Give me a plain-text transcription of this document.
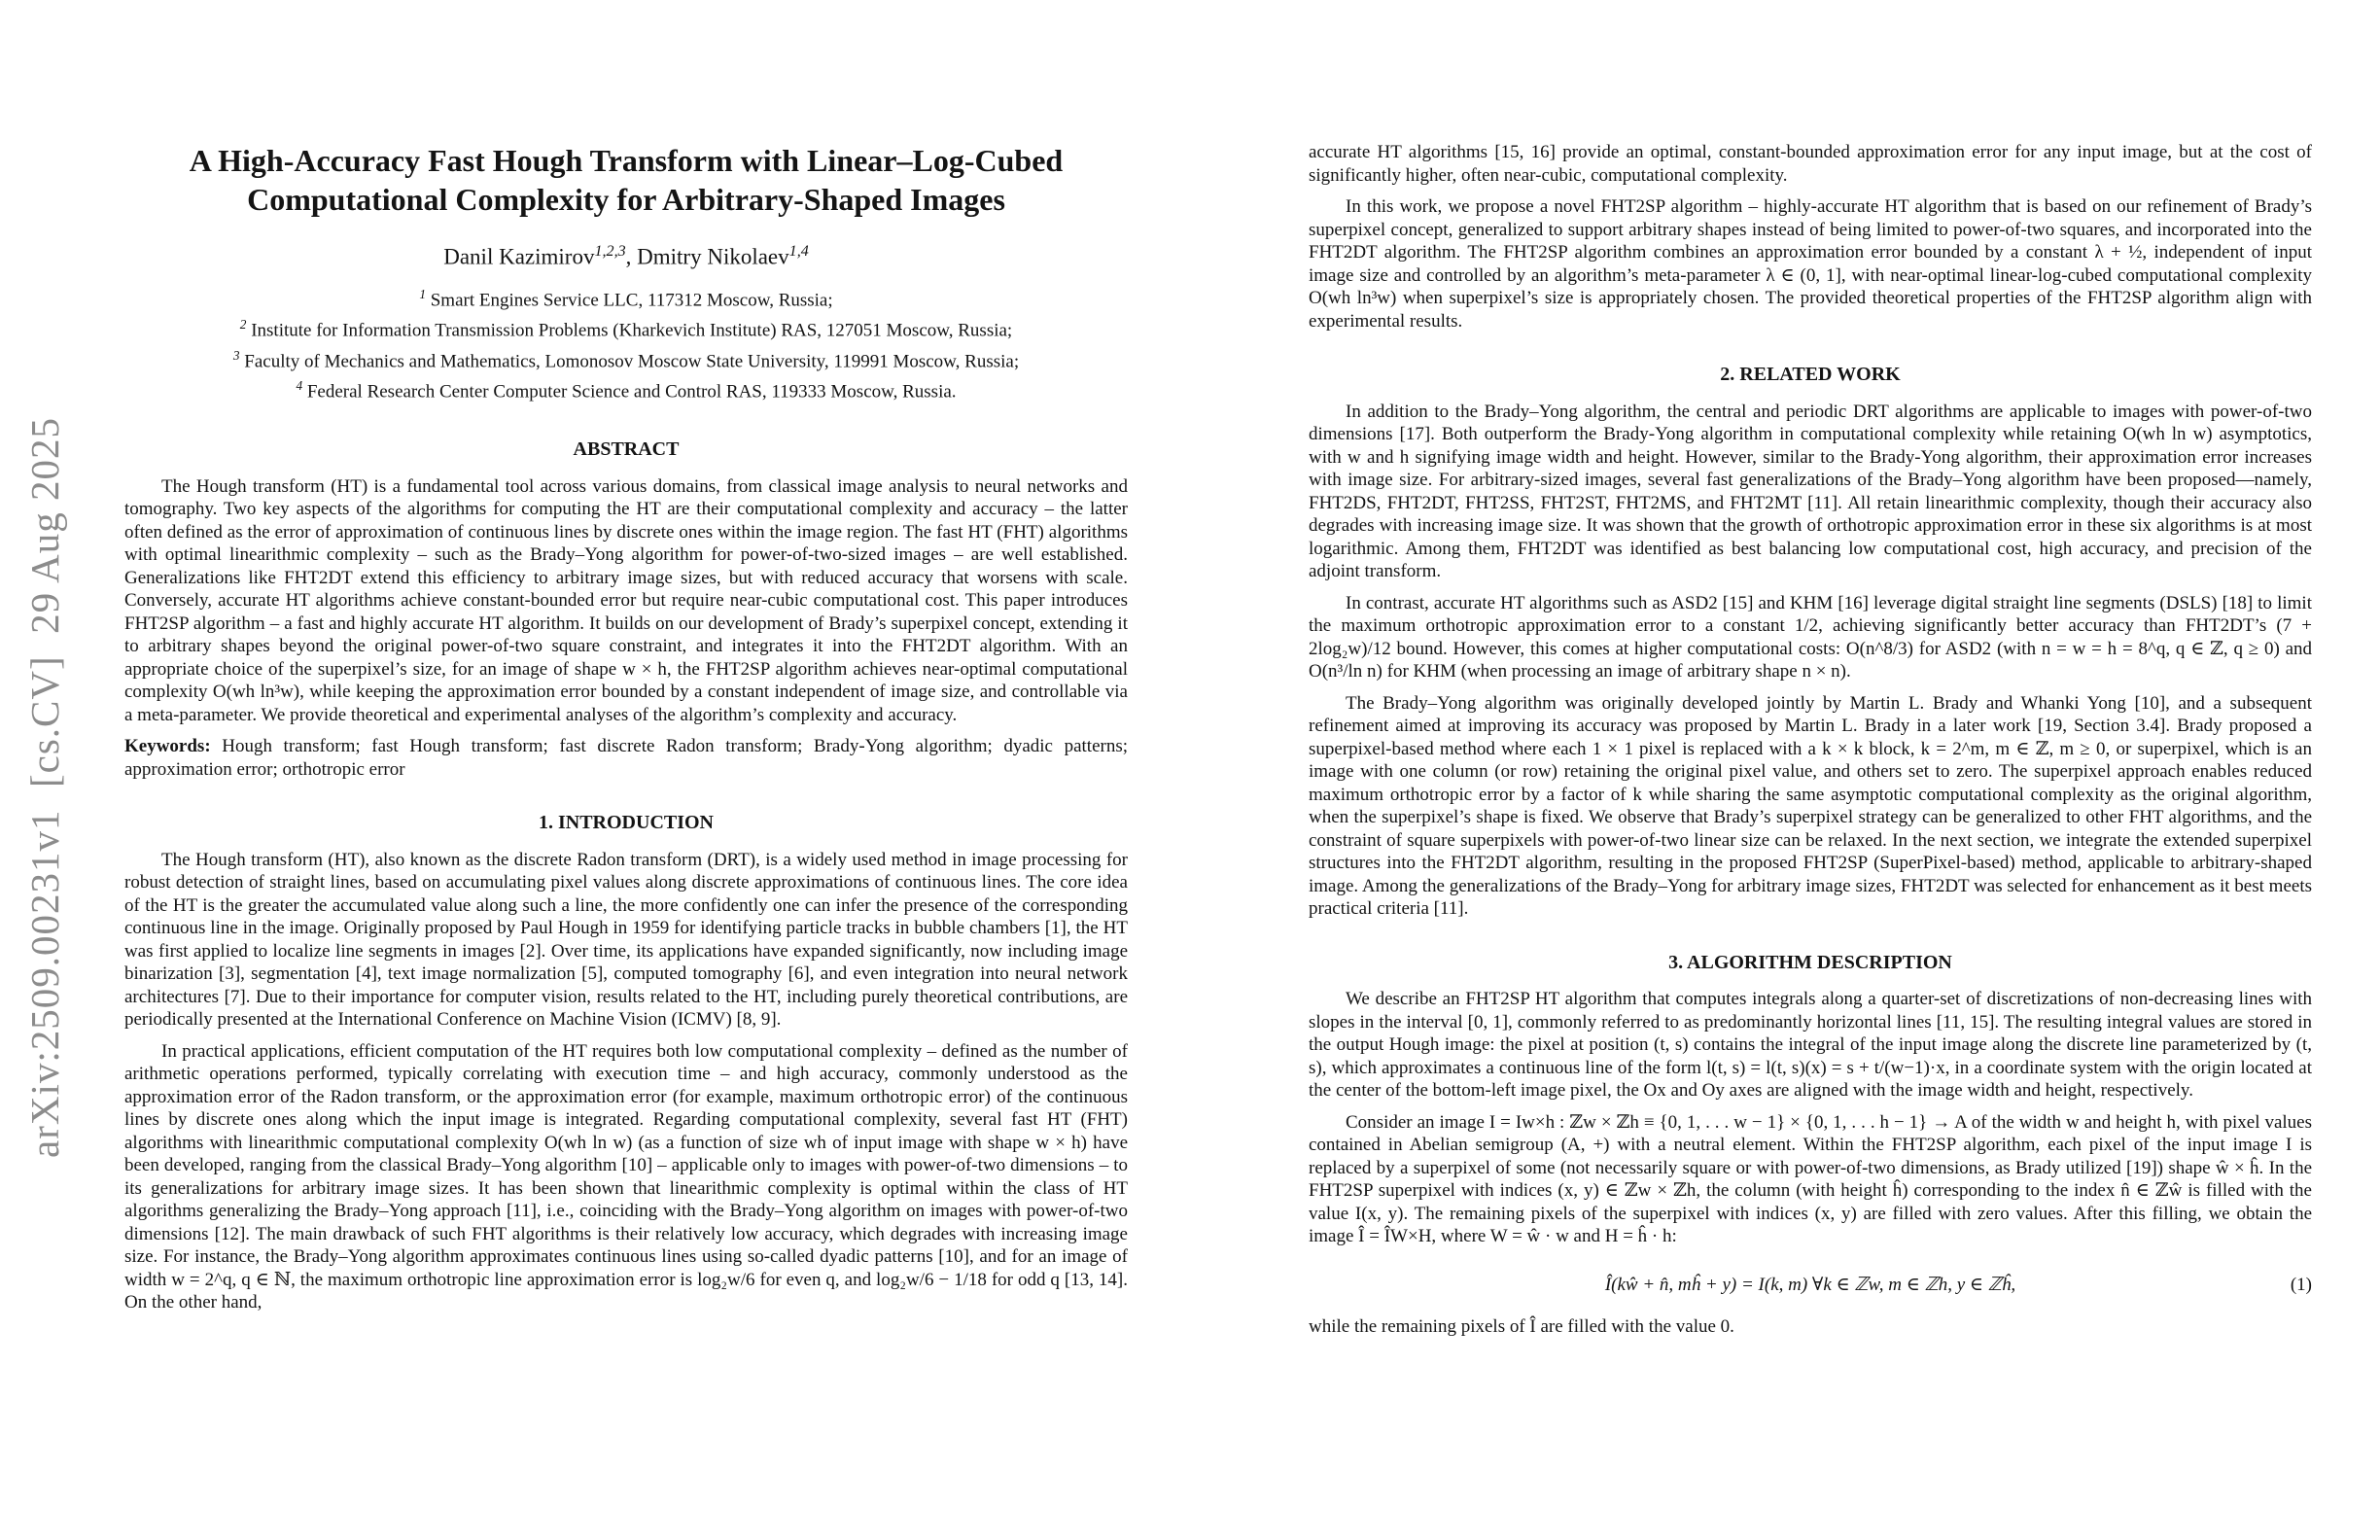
arXiv:2509.00231v1  [cs.CV]  29 Aug 2025
A High-Accuracy Fast Hough Transform with Linear–Log-Cubed
Computational Complexity for Arbitrary-Shaped Images
Danil Kazimirov$^{1,2,3}$, Dmitry Nikolaev$^{1,4}$
$^1$ Smart Engines Service LLC, 117312 Moscow, Russia;
$^2$ Institute for Information Transmission Problems (Kharkevich Institute) RAS, 127051 Moscow, Russia;
$^3$ Faculty of Mechanics and Mathematics, Lomonosov Moscow State University, 119991 Moscow, Russia;
$^4$ Federal Research Center Computer Science and Control RAS, 119333 Moscow, Russia.
ABSTRACT

The Hough transform (HT) is a fundamental tool across various domains, from classical image analysis to neural networks and tomography. Two key aspects of the algorithms for computing the HT are their computational complexity and accuracy – the latter often defined as the error of approximation of continuous lines by discrete ones within the image region. The fast HT (FHT) algorithms with optimal linearithmic complexity – such as the Brady–Yong algorithm for power-of-two-sized images – are well established. Generalizations like FHT2DT extend this efficiency to arbitrary image sizes, but with reduced accuracy that worsens with scale. Conversely, accurate HT algorithms achieve constant-bounded error but require near-cubic computational cost. This paper introduces FHT2SP algorithm – a fast and highly accurate HT algorithm. It builds on our development of Brady’s superpixel concept, extending it to arbitrary shapes beyond the original power-of-two square constraint, and integrates it into the FHT2DT algorithm. With an appropriate choice of the superpixel’s size, for an image of shape w × h, the FHT2SP algorithm achieves near-optimal computational complexity O(wh ln³w), while keeping the approximation error bounded by a constant independent of image size, and controllable via a meta-parameter. We provide theoretical and experimental analyses of the algorithm’s complexity and accuracy.

Keywords: Hough transform; fast Hough transform; fast discrete Radon transform; Brady-Yong algorithm; dyadic patterns; approximation error; orthotropic error

1. INTRODUCTION

The Hough transform (HT), also known as the discrete Radon transform (DRT), is a widely used method in image processing for robust detection of straight lines, based on accumulating pixel values along discrete approximations of continuous lines. The core idea of the HT is the greater the accumulated value along such a line, the more confidently one can infer the presence of the corresponding continuous line in the image. Originally proposed by Paul Hough in 1959 for identifying particle tracks in bubble chambers [1], the HT was first applied to localize line segments in images [2]. Over time, its applications have expanded significantly, now including image binarization [3], segmentation [4], text image normalization [5], computed tomography [6], and even integration into neural network architectures [7]. Due to their importance for computer vision, results related to the HT, including purely theoretical contributions, are periodically presented at the International Conference on Machine Vision (ICMV) [8, 9].

In practical applications, efficient computation of the HT requires both low computational complexity – defined as the number of arithmetic operations performed, typically correlating with execution time – and high accuracy, commonly understood as the approximation error of the Radon transform, or the approximation error (for example, maximum orthotropic error) of the continuous lines by discrete ones along which the input image is integrated. Regarding computational complexity, several fast HT (FHT) algorithms with linearithmic computational complexity O(wh ln w) (as a function of size wh of input image with shape w × h) have been developed, ranging from the classical Brady–Yong algorithm [10] – applicable only to images with power-of-two dimensions – to its generalizations for arbitrary image sizes. It has been shown that linearithmic complexity is optimal within the class of HT algorithms generalizing the Brady–Yong approach [11], i.e., coinciding with the Brady–Yong algorithm on images with power-of-two dimensions [12]. The main drawback of such FHT algorithms is their relatively low accuracy, which degrades with increasing image size. For instance, the Brady–Yong algorithm approximates continuous lines using so-called dyadic patterns [10], and for an image of width w = 2^q, q ∈ ℕ, the maximum orthotropic line approximation error is log₂w/6 for even q, and log₂w/6 − 1/18 for odd q [13, 14]. On the other hand,

accurate HT algorithms [15, 16] provide an optimal, constant-bounded approximation error for any input image, but at the cost of significantly higher, often near-cubic, computational complexity.

In this work, we propose a novel FHT2SP algorithm – highly-accurate HT algorithm that is based on our refinement of Brady’s superpixel concept, generalized to support arbitrary shapes instead of being limited to power-of-two squares, and incorporated into the FHT2DT algorithm. The FHT2SP algorithm combines an approximation error bounded by a constant λ + ½, independent of input image size and controlled by an algorithm’s meta-parameter λ ∈ (0, 1], with near-optimal linear-log-cubed computational complexity O(wh ln³w) when superpixel’s size is appropriately chosen. The provided theoretical properties of the FHT2SP algorithm align with experimental results.

2. RELATED WORK

In addition to the Brady–Yong algorithm, the central and periodic DRT algorithms are applicable to images with power-of-two dimensions [17]. Both outperform the Brady-Yong algorithm in computational complexity while retaining O(wh ln w) asymptotics, with w and h signifying image width and height. However, similar to the Brady-Yong algorithm, their approximation error increases with image size. For arbitrary-sized images, several fast generalizations of the Brady–Yong algorithm have been proposed—namely, FHT2DS, FHT2DT, FHT2SS, FHT2ST, FHT2MS, and FHT2MT [11]. All retain linearithmic complexity, though their accuracy also degrades with increasing image size. It was shown that the growth of orthotropic approximation error in these six algorithms is at most logarithmic. Among them, FHT2DT was identified as best balancing low computational cost, high accuracy, and precision of the adjoint transform.

In contrast, accurate HT algorithms such as ASD2 [15] and KHM [16] leverage digital straight line segments (DSLS) [18] to limit the maximum orthotropic approximation error to a constant 1/2, achieving significantly better accuracy than FHT2DT’s (7 + 2log₂w)/12 bound. However, this comes at higher computational costs: O(n^8/3) for ASD2 (with n = w = h = 8^q, q ∈ ℤ, q ≥ 0) and O(n³/ln n) for KHM (when processing an image of arbitrary shape n × n).

The Brady–Yong algorithm was originally developed jointly by Martin L. Brady and Whanki Yong [10], and a subsequent refinement aimed at improving its accuracy was proposed by Martin L. Brady in a later work [19, Section 3.4]. Brady proposed a superpixel-based method where each 1 × 1 pixel is replaced with a k × k block, k = 2^m, m ∈ ℤ, m ≥ 0, or superpixel, which is an image with one column (or row) retaining the original pixel value, and others set to zero. The superpixel approach enables reduced maximum orthotropic error by a factor of k while sharing the same asymptotic computational complexity as the original algorithm, when the superpixel’s shape is fixed. We observe that Brady’s superpixel strategy can be generalized to other FHT algorithms, and the constraint of square superpixels with power-of-two linear size can be relaxed. In the next section, we integrate the extended superpixel structures into the FHT2DT algorithm, resulting in the proposed FHT2SP (SuperPixel-based) method, applicable to arbitrary-shaped image. Among the generalizations of the Brady–Yong for arbitrary image sizes, FHT2DT was selected for enhancement as it best meets practical criteria [11].

3. ALGORITHM DESCRIPTION

We describe an FHT2SP HT algorithm that computes integrals along a quarter-set of discretizations of non-decreasing lines with slopes in the interval [0, 1], commonly referred to as predominantly horizontal lines [11, 15]. The resulting integral values are stored in the output Hough image: the pixel at position (t, s) contains the integral of the input image along the discrete line parameterized by (t, s), which approximates a continuous line of the form l(t, s) = l(t, s)(x) = s + t/(w−1)·x, in a coordinate system with the origin located at the center of the bottom-left image pixel, the Ox and Oy axes are aligned with the image width and height, respectively.

Consider an image I = Iw×h : ℤw × ℤh ≡ {0, 1, . . . w − 1} × {0, 1, . . . h − 1} → A of the width w and height h, with pixel values contained in Abelian semigroup (A, +) with a neutral element. Within the FHT2SP algorithm, each pixel of the input image I is replaced by a superpixel of some (not necessarily square or with power-of-two dimensions, as Brady utilized [19]) shape ŵ × ĥ. In the FHT2SP superpixel with indices (x, y) ∈ ℤw × ℤh, the column (with height ĥ) corresponding to the index n̂ ∈ ℤŵ is filled with the value I(x, y). The remaining pixels of the superpixel with indices (x, y) are filled with zero values. After this filling, we obtain the image Î = ÎW×H, where W = ŵ · w and H = ĥ · h:

Î(kŵ + n̂, mĥ + y) = I(k, m) ∀k ∈ ℤw, m ∈ ℤh, y ∈ ℤĥ,	(1)

while the remaining pixels of Î are filled with the value 0.
